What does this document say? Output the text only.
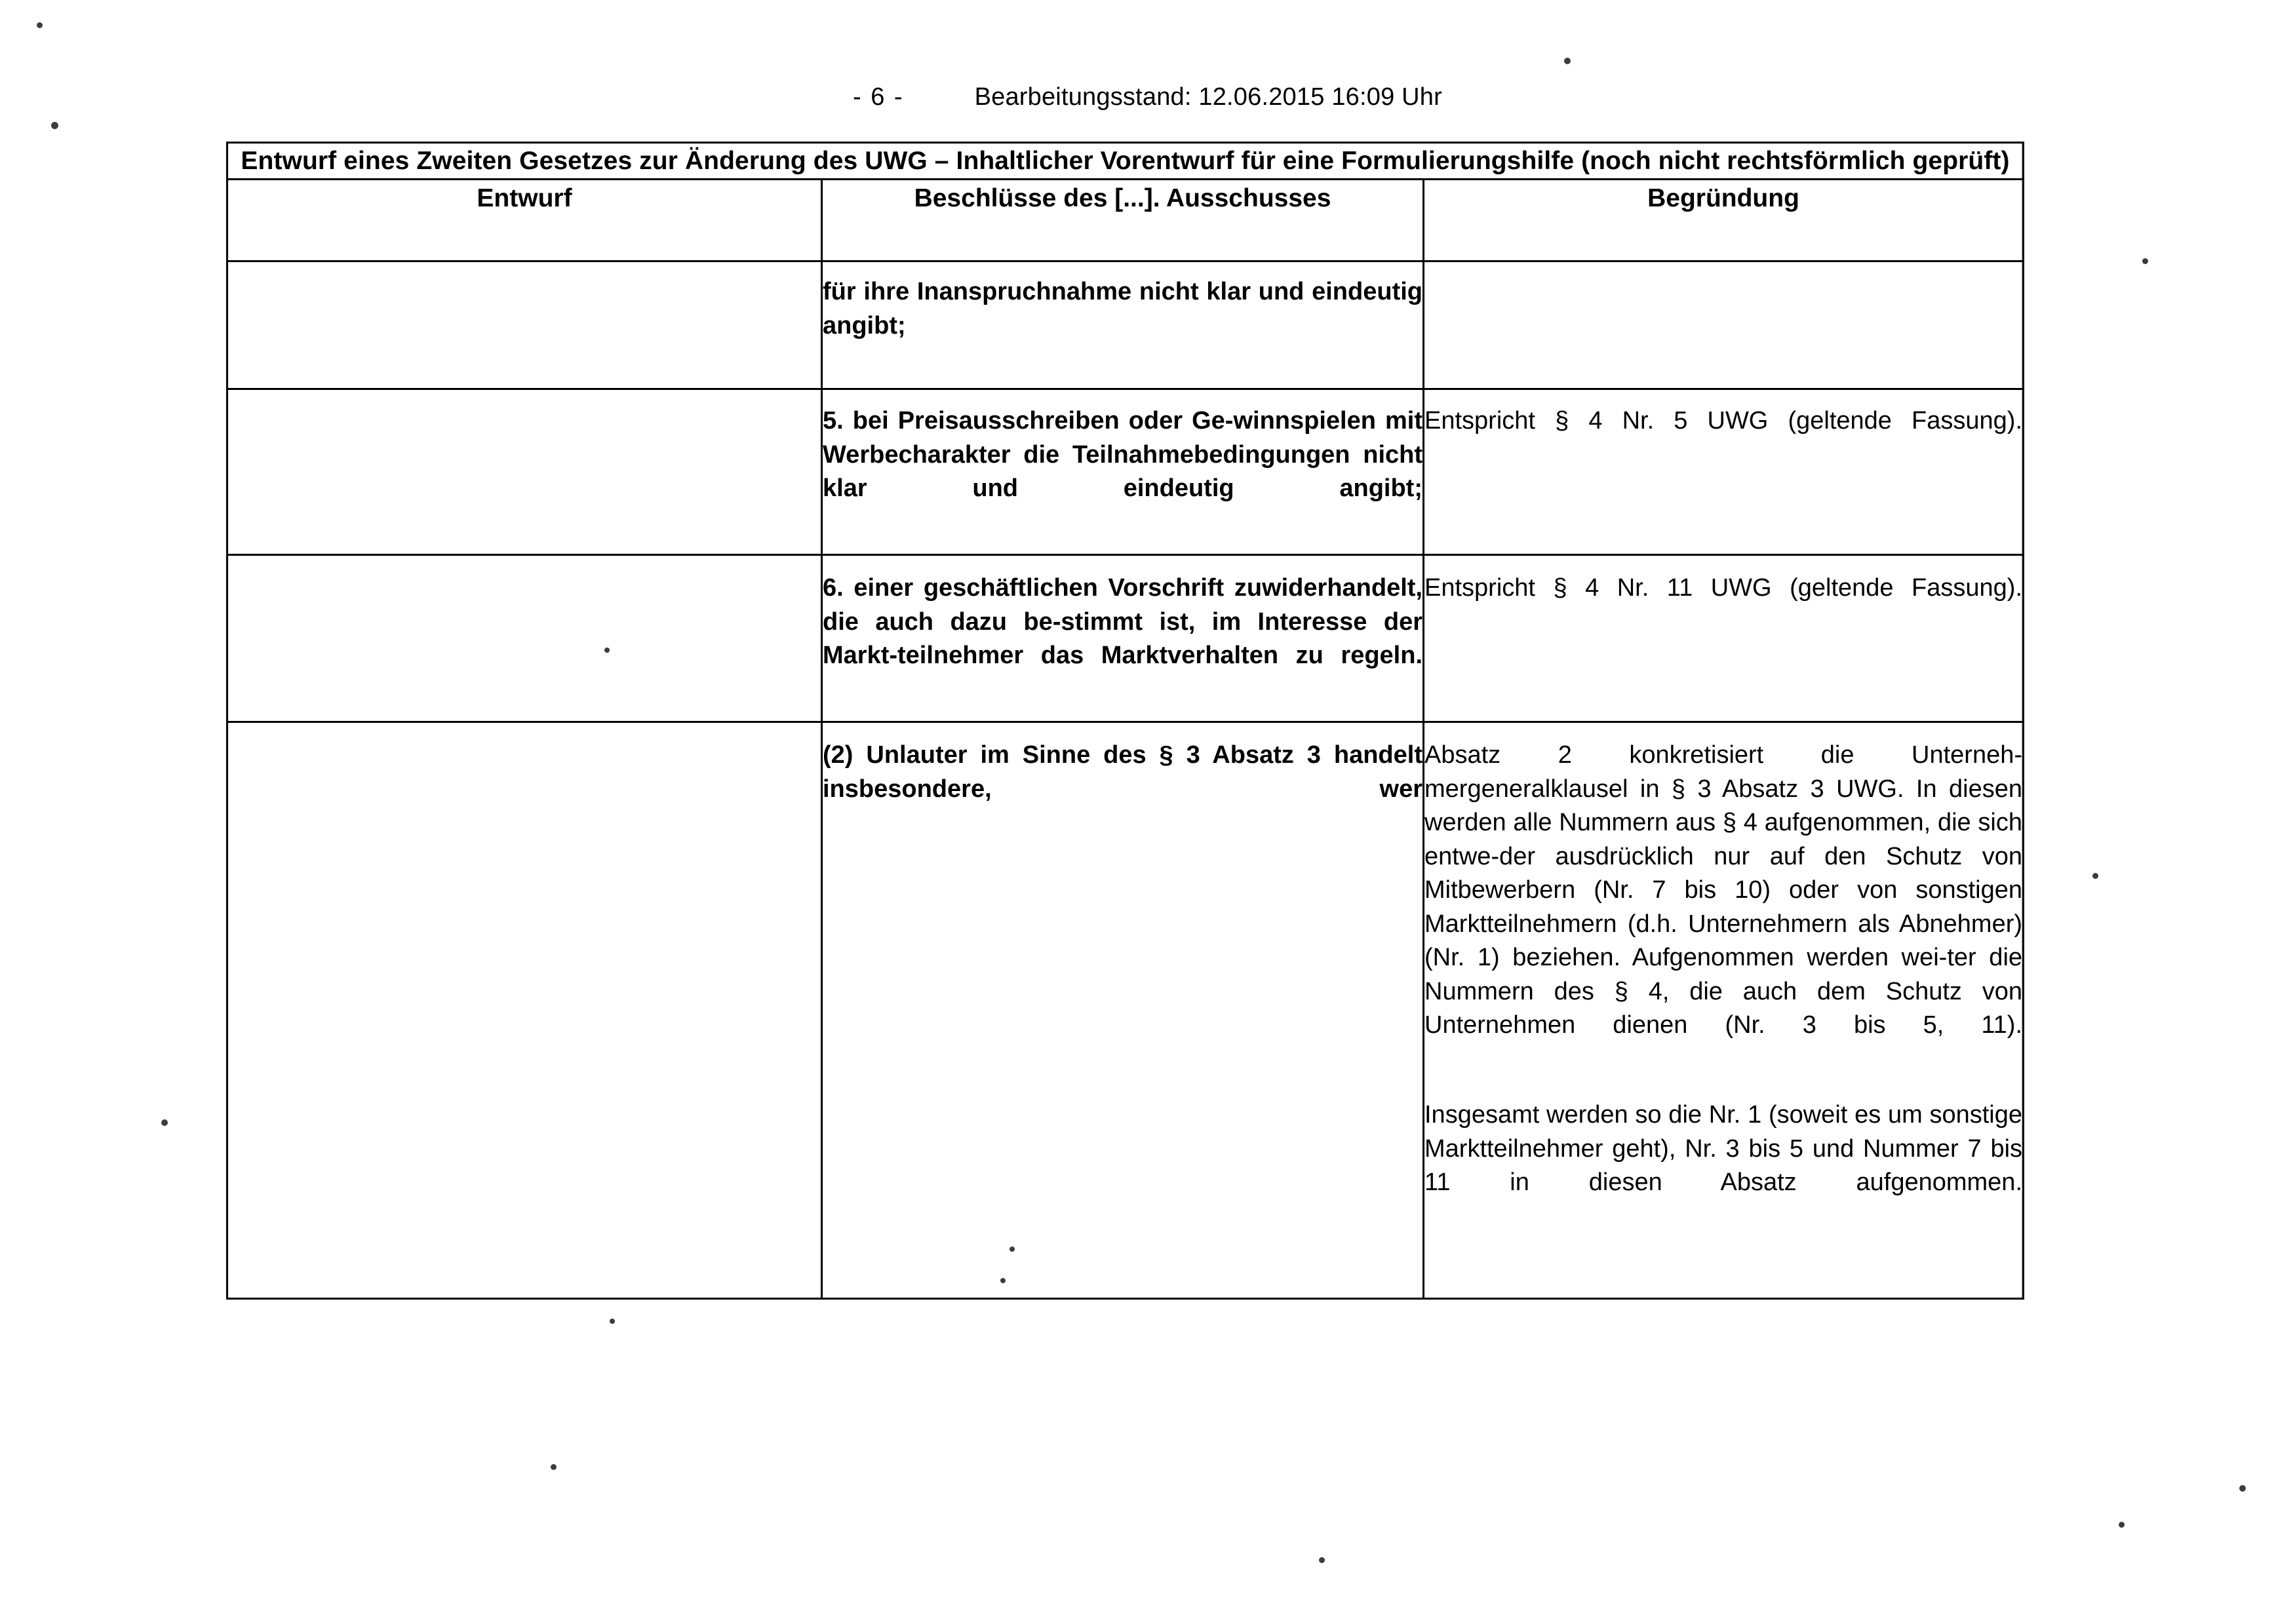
- 6 -	Bearbeitungsstand: 12.06.2015 16:09 Uhr
Entwurf eines Zweiten Gesetzes zur Änderung des UWG – Inhaltlicher Vorentwurf für eine Formulierungshilfe (noch nicht rechtsförmlich geprüft)		

Entwurf	Beschlüsse des [...]. Ausschusses	Begründung

	für ihre Inanspruchnahme nicht klar und eindeutig angibt;	

	5. bei Preisausschreiben oder Ge-winnspielen mit Werbecharakter die Teilnahmebedingungen nicht klar und eindeutig angibt;	Entspricht § 4 Nr. 5 UWG (geltende Fassung).

	6. einer geschäftlichen Vorschrift zuwiderhandelt, die auch dazu be-stimmt ist, im Interesse der Markt-teilnehmer das Marktverhalten zu regeln.	Entspricht § 4 Nr. 11 UWG (geltende Fassung).

	(2) Unlauter im Sinne des § 3 Absatz 3 handelt insbesondere, wer	Absatz 2 konkretisiert die Unterneh-mergeneralklausel in § 3 Absatz 3 UWG. In diesen werden alle Nummern aus § 4 aufgenommen, die sich entwe-der ausdrücklich nur auf den Schutz von Mitbewerbern (Nr. 7 bis 10) oder von sonstigen Marktteilnehmern (d.h. Unternehmern als Abnehmer) (Nr. 1) beziehen. Aufgenommen werden wei-ter die Nummern des § 4, die auch dem Schutz von Unternehmen dienen (Nr. 3 bis 5, 11).

Insgesamt werden so die Nr. 1 (soweit es um sonstige Marktteilnehmer geht), Nr. 3 bis 5 und Nummer 7 bis 11 in diesen Absatz aufgenommen.
